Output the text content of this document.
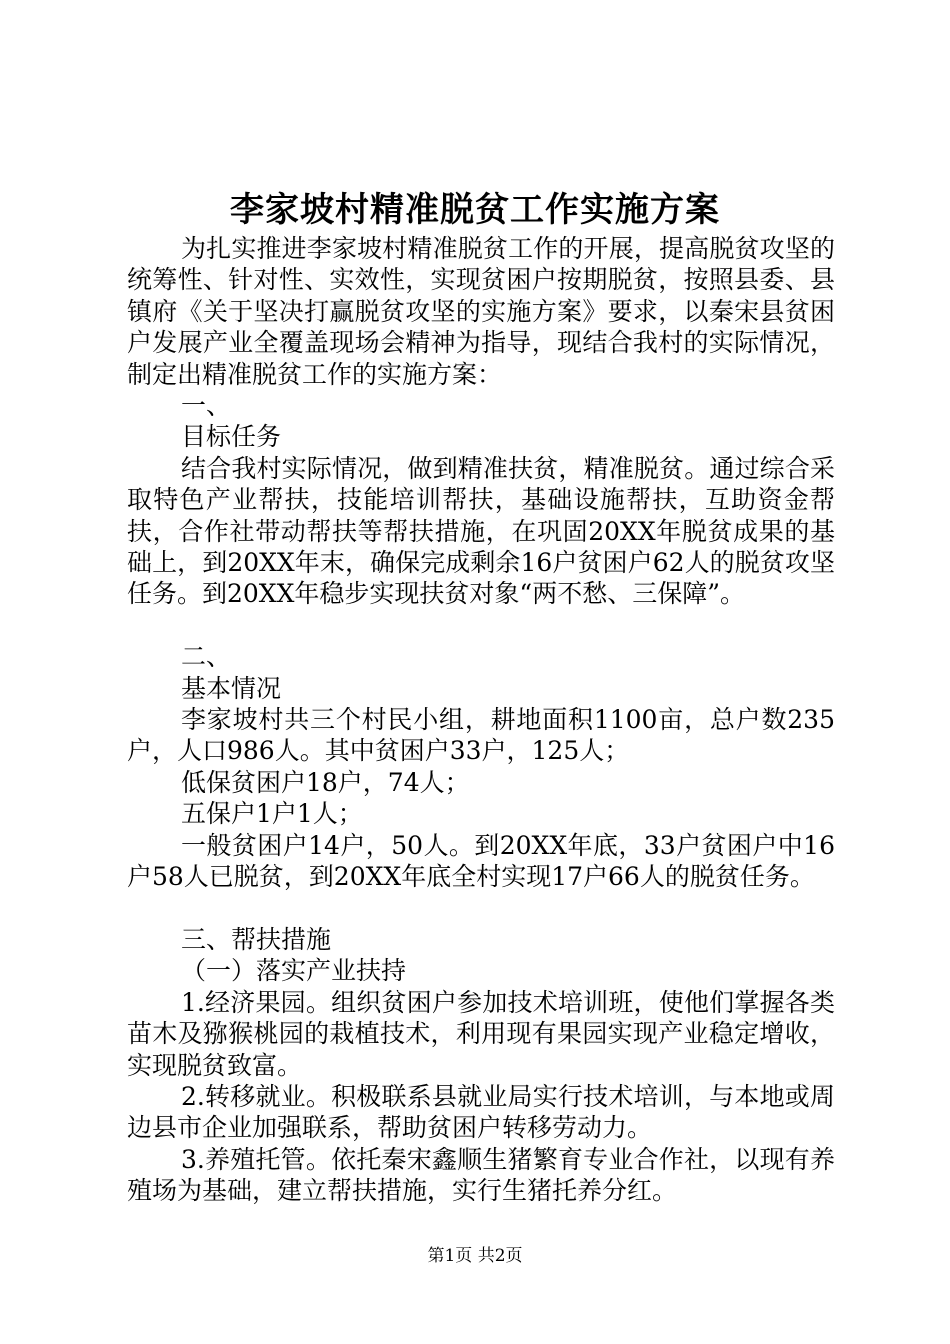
李家坡村精准脱贫工作实施方案

为扎实推进李家坡村精准脱贫工作的开展，提高脱贫攻坚的统筹性、针对性、实效性，实现贫困户按期脱贫，按照县委、县镇府《关于坚决打赢脱贫攻坚的实施方案》要求，以秦宋县贫困户发展产业全覆盖现场会精神为指导，现结合我村的实际情况，制定出精准脱贫工作的实施方案：

一、

目标任务

结合我村实际情况，做到精准扶贫，精准脱贫。通过综合采取特色产业帮扶，技能培训帮扶，基础设施帮扶，互助资金帮扶，合作社带动帮扶等帮扶措施，在巩固20XX年脱贫成果的基础上，到20XX年末，确保完成剩余16户贫困户62人的脱贫攻坚任务。到20XX年稳步实现扶贫对象“两不愁、三保障”。

二、

基本情况

李家坡村共三个村民小组，耕地面积1100亩，总户数235户，人口986人。其中贫困户33户，125人；

低保贫困户18户，74人；

五保户1户1人；

一般贫困户14户，50人。到20XX年底，33户贫困户中16户58人已脱贫，到20XX年底全村实现17户66人的脱贫任务。

三、帮扶措施

（一）落实产业扶持

1.经济果园。组织贫困户参加技术培训班，使他们掌握各类苗木及猕猴桃园的栽植技术，利用现有果园实现产业稳定增收，实现脱贫致富。

2.转移就业。积极联系县就业局实行技术培训，与本地或周边县市企业加强联系，帮助贫困户转移劳动力。

3.养殖托管。依托秦宋鑫顺生猪繁育专业合作社，以现有养殖场为基础，建立帮扶措施，实行生猪托养分红。

第1页 共2页
